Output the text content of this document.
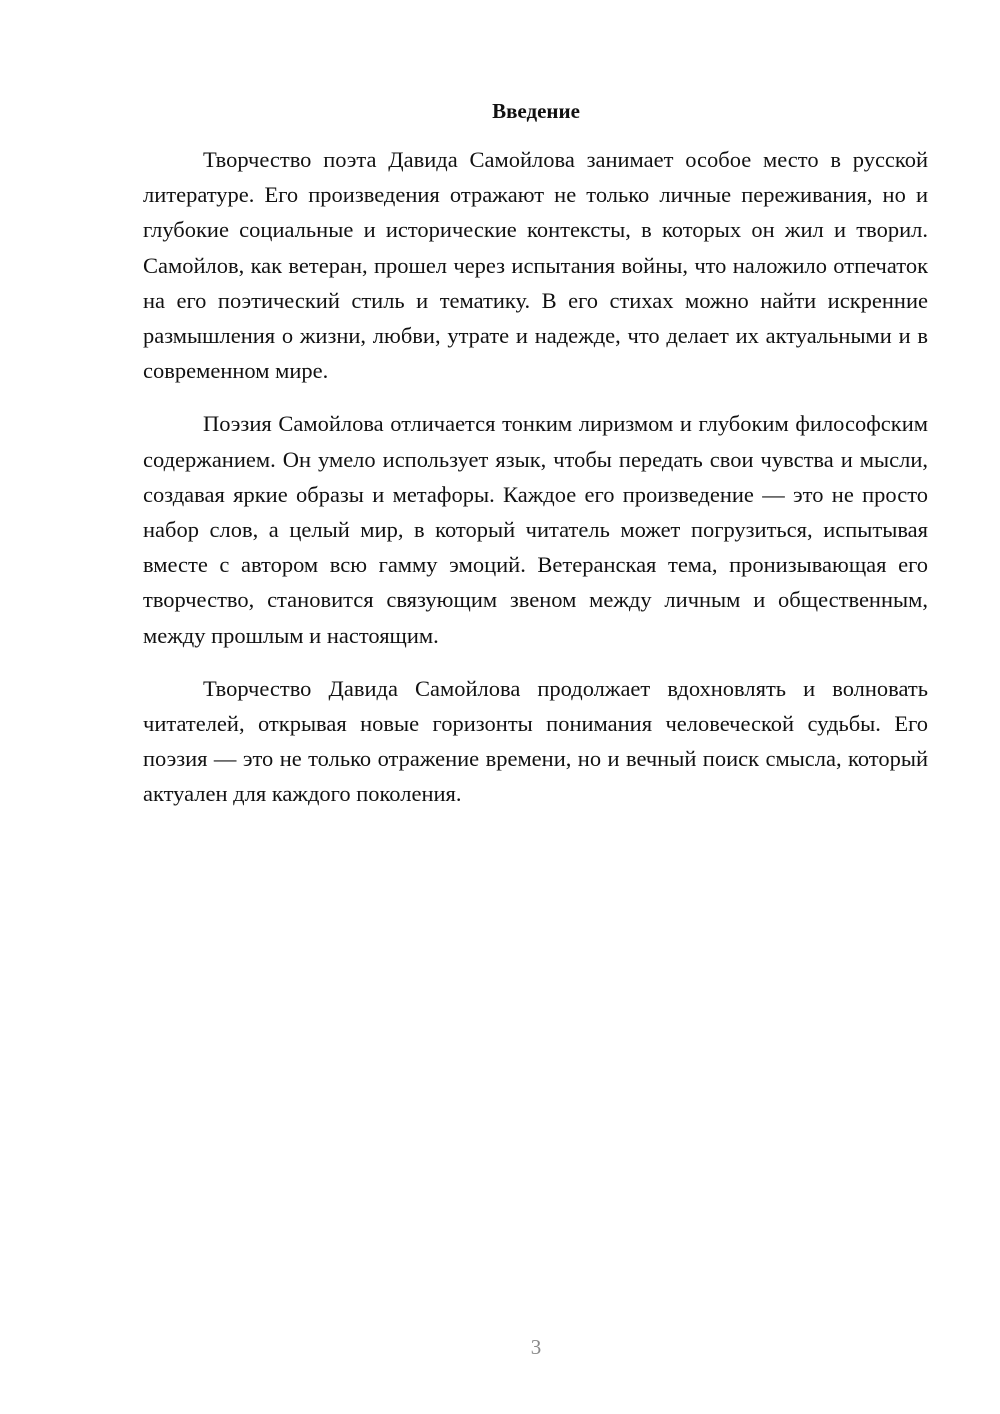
Введение

Творчество поэта Давида Самойлова занимает особое место в русской литературе. Его произведения отражают не только личные переживания, но и глубокие социальные и исторические контексты, в которых он жил и творил. Самойлов, как ветеран, прошел через испытания войны, что наложило отпечаток на его поэтический стиль и тематику. В его стихах можно найти искренние размышления о жизни, любви, утрате и надежде, что делает их актуальными и в современном мире.

Поэзия Самойлова отличается тонким лиризмом и глубоким философским содержанием. Он умело использует язык, чтобы передать свои чувства и мысли, создавая яркие образы и метафоры. Каждое его произведение — это не просто набор слов, а целый мир, в который читатель может погрузиться, испытывая вместе с автором всю гамму эмоций. Ветеранская тема, пронизывающая его творчество, становится связующим звеном между личным и общественным, между прошлым и настоящим.

Творчество Давида Самойлова продолжает вдохновлять и волновать читателей, открывая новые горизонты понимания человеческой судьбы. Его поэзия — это не только отражение времени, но и вечный поиск смысла, который актуален для каждого поколения.

3
